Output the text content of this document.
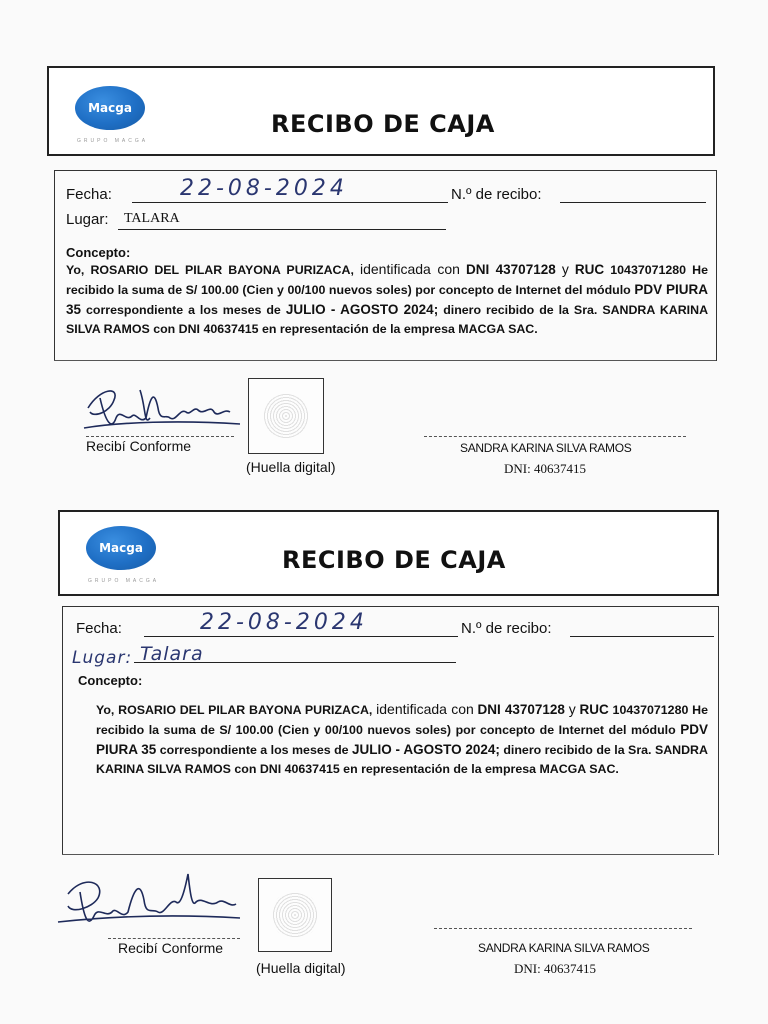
Macga
GRUPO MACGA
RECIBO DE CAJA
Fecha:	22-08-2024	N.º de recibo:
Lugar: TALARA
Concepto:
Yo, ROSARIO DEL PILAR BAYONA PURIZACA, identificada con DNI 43707128 y RUC 10437071280 He recibido la suma de S/ 100.00 (Cien y 00/100 nuevos soles) por concepto de Internet del módulo PDV PIURA 35 correspondiente a los meses de JULIO - AGOSTO 2024; dinero recibido de la Sra. SANDRA KARINA SILVA RAMOS con DNI 40637415 en representación de la empresa MACGA SAC.
Recibí Conforme
(Huella digital)
SANDRA KARINA SILVA RAMOS
DNI: 40637415
Macga
GRUPO MACGA
RECIBO DE CAJA
Fecha:	22-08-2024	N.º de recibo:
Lugar: Talara
Concepto:
Yo, ROSARIO DEL PILAR BAYONA PURIZACA, identificada con DNI 43707128 y RUC 10437071280 He recibido la suma de S/ 100.00 (Cien y 00/100 nuevos soles) por concepto de Internet del módulo PDV PIURA 35 correspondiente a los meses de JULIO - AGOSTO 2024; dinero recibido de la Sra. SANDRA KARINA SILVA RAMOS con DNI 40637415 en representación de la empresa MACGA SAC.
Recibí Conforme
(Huella digital)
SANDRA KARINA SILVA RAMOS
DNI: 40637415
